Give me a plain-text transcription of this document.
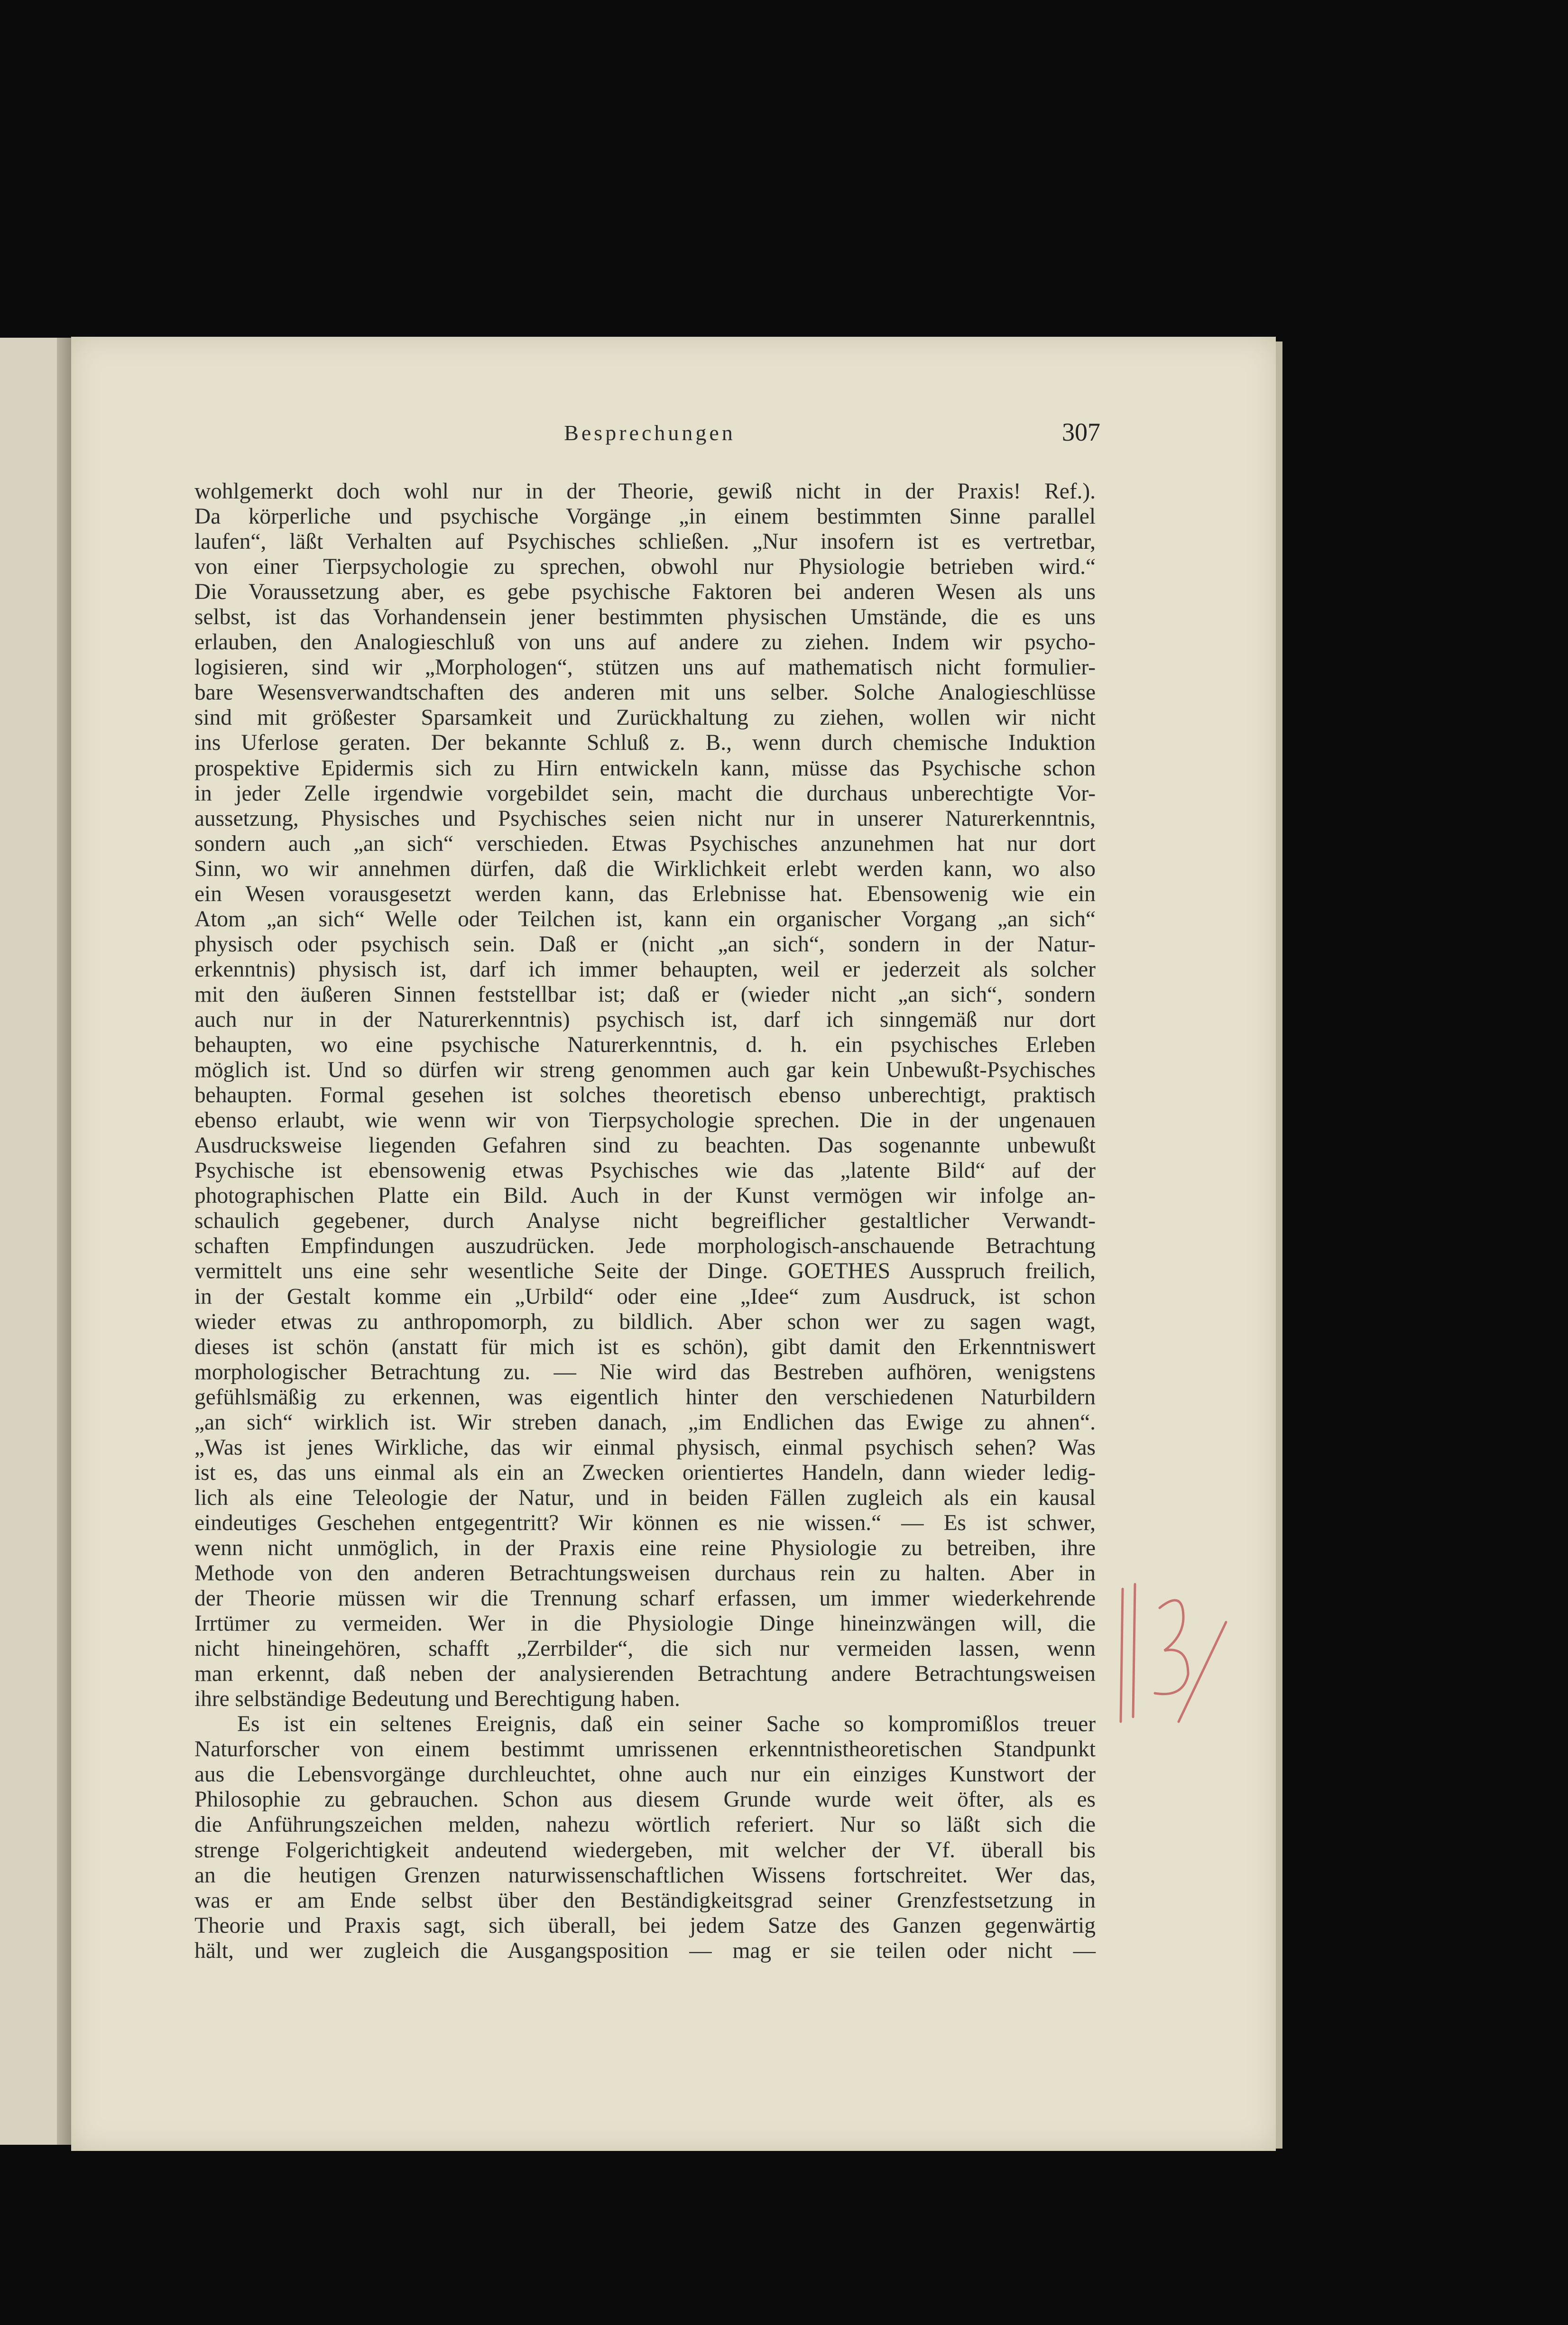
Besprechungen	307
wohlgemerkt doch wohl nur in der Theorie, gewiß nicht in der Praxis! Ref.).
Da körperliche und psychische Vorgänge „in einem bestimmten Sinne parallel
laufen“, läßt Verhalten auf Psychisches schließen. „Nur insofern ist es vertretbar,
von einer Tierpsychologie zu sprechen, obwohl nur Physiologie betrieben wird.“
Die Voraussetzung aber, es gebe psychische Faktoren bei anderen Wesen als uns
selbst, ist das Vorhandensein jener bestimmten physischen Umstände, die es uns
erlauben, den Analogieschluß von uns auf andere zu ziehen. Indem wir psycho-
logisieren, sind wir „Morphologen“, stützen uns auf mathematisch nicht formulier-
bare Wesensverwandtschaften des anderen mit uns selber. Solche Analogieschlüsse
sind mit größester Sparsamkeit und Zurückhaltung zu ziehen, wollen wir nicht
ins Uferlose geraten. Der bekannte Schluß z. B., wenn durch chemische Induktion
prospektive Epidermis sich zu Hirn entwickeln kann, müsse das Psychische schon
in jeder Zelle irgendwie vorgebildet sein, macht die durchaus unberechtigte Vor-
aussetzung, Physisches und Psychisches seien nicht nur in unserer Naturerkenntnis,
sondern auch „an sich“ verschieden. Etwas Psychisches anzunehmen hat nur dort
Sinn, wo wir annehmen dürfen, daß die Wirklichkeit erlebt werden kann, wo also
ein Wesen vorausgesetzt werden kann, das Erlebnisse hat. Ebensowenig wie ein
Atom „an sich“ Welle oder Teilchen ist, kann ein organischer Vorgang „an sich“
physisch oder psychisch sein. Daß er (nicht „an sich“, sondern in der Natur-
erkenntnis) physisch ist, darf ich immer behaupten, weil er jederzeit als solcher
mit den äußeren Sinnen feststellbar ist; daß er (wieder nicht „an sich“, sondern
auch nur in der Naturerkenntnis) psychisch ist, darf ich sinngemäß nur dort
behaupten, wo eine psychische Naturerkenntnis, d. h. ein psychisches Erleben
möglich ist. Und so dürfen wir streng genommen auch gar kein Unbewußt-Psychisches
behaupten. Formal gesehen ist solches theoretisch ebenso unberechtigt, praktisch
ebenso erlaubt, wie wenn wir von Tierpsychologie sprechen. Die in der ungenauen
Ausdrucksweise liegenden Gefahren sind zu beachten. Das sogenannte unbewußt
Psychische ist ebensowenig etwas Psychisches wie das „latente Bild“ auf der
photographischen Platte ein Bild. Auch in der Kunst vermögen wir infolge an-
schaulich gegebener, durch Analyse nicht begreiflicher gestaltlicher Verwandt-
schaften Empfindungen auszudrücken. Jede morphologisch-anschauende Betrachtung
vermittelt uns eine sehr wesentliche Seite der Dinge. GOETHES Ausspruch freilich,
in der Gestalt komme ein „Urbild“ oder eine „Idee“ zum Ausdruck, ist schon
wieder etwas zu anthropomorph, zu bildlich. Aber schon wer zu sagen wagt,
dieses ist schön (anstatt für mich ist es schön), gibt damit den Erkenntniswert
morphologischer Betrachtung zu. — Nie wird das Bestreben aufhören, wenigstens
gefühlsmäßig zu erkennen, was eigentlich hinter den verschiedenen Naturbildern
„an sich“ wirklich ist. Wir streben danach, „im Endlichen das Ewige zu ahnen“.
„Was ist jenes Wirkliche, das wir einmal physisch, einmal psychisch sehen? Was
ist es, das uns einmal als ein an Zwecken orientiertes Handeln, dann wieder ledig-
lich als eine Teleologie der Natur, und in beiden Fällen zugleich als ein kausal
eindeutiges Geschehen entgegentritt? Wir können es nie wissen.“ — Es ist schwer,
wenn nicht unmöglich, in der Praxis eine reine Physiologie zu betreiben, ihre
Methode von den anderen Betrachtungsweisen durchaus rein zu halten. Aber in
der Theorie müssen wir die Trennung scharf erfassen, um immer wiederkehrende
Irrtümer zu vermeiden. Wer in die Physiologie Dinge hineinzwängen will, die
nicht hineingehören, schafft „Zerrbilder“, die sich nur vermeiden lassen, wenn
man erkennt, daß neben der analysierenden Betrachtung andere Betrachtungsweisen
ihre selbständige Bedeutung und Berechtigung haben.
Es ist ein seltenes Ereignis, daß ein seiner Sache so kompromißlos treuer
Naturforscher von einem bestimmt umrissenen erkenntnistheoretischen Standpunkt
aus die Lebensvorgänge durchleuchtet, ohne auch nur ein einziges Kunstwort der
Philosophie zu gebrauchen. Schon aus diesem Grunde wurde weit öfter, als es
die Anführungszeichen melden, nahezu wörtlich referiert. Nur so läßt sich die
strenge Folgerichtigkeit andeutend wiedergeben, mit welcher der Vf. überall bis
an die heutigen Grenzen naturwissenschaftlichen Wissens fortschreitet. Wer das,
was er am Ende selbst über den Beständigkeitsgrad seiner Grenzfestsetzung in
Theorie und Praxis sagt, sich überall, bei jedem Satze des Ganzen gegenwärtig
hält, und wer zugleich die Ausgangsposition — mag er sie teilen oder nicht —
